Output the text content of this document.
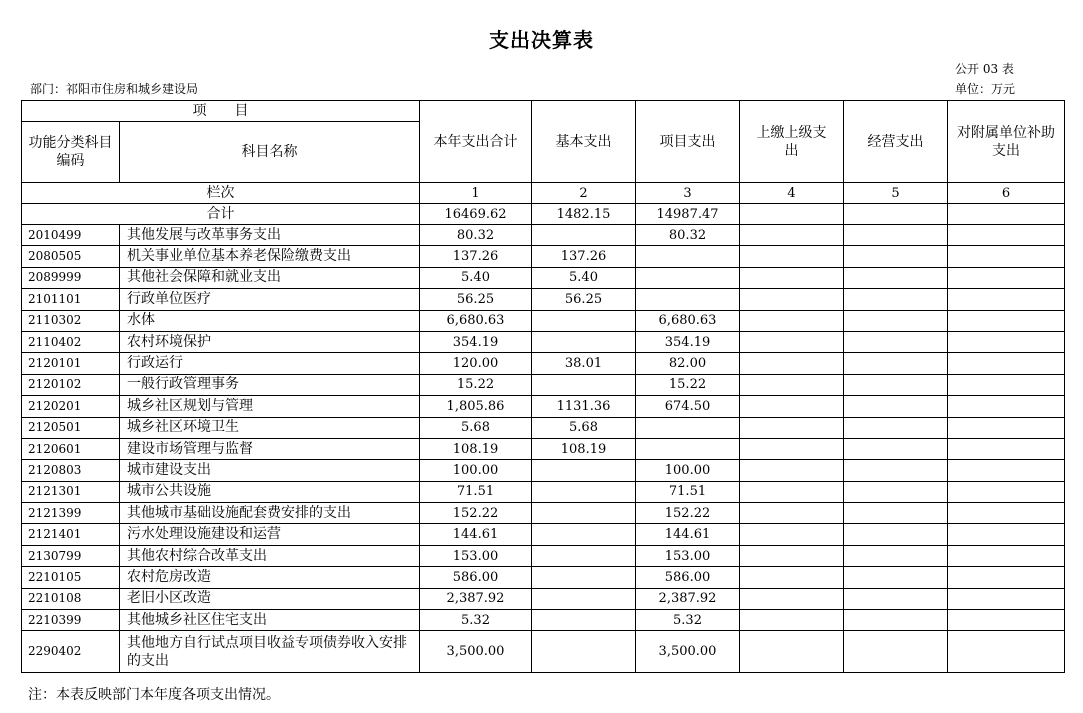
支出决算表
公开 03 表
部门：祁阳市住房和城乡建设局	单位：万元
项　　目		本年支出合计	基本支出	项目支出	上缴上级支出	经营支出	对附属单位补助支出
功能分类科目编码	科目名称						
栏次		1	2	3	4	5	6
合计		16469.62	1482.15	14987.47			
2010499	其他发展与改革事务支出	80.32		80.32			
2080505	机关事业单位基本养老保险缴费支出	137.26	137.26				
2089999	其他社会保障和就业支出	5.40	5.40				
2101101	行政单位医疗	56.25	56.25				
2110302	水体	6,680.63		6,680.63			
2110402	农村环境保护	354.19		354.19			
2120101	行政运行	120.00	38.01	82.00			
2120102	一般行政管理事务	15.22		15.22			
2120201	城乡社区规划与管理	1,805.86	1131.36	674.50			
2120501	城乡社区环境卫生	5.68	5.68				
2120601	建设市场管理与监督	108.19	108.19				
2120803	城市建设支出	100.00		100.00			
2121301	城市公共设施	71.51		71.51			
2121399	其他城市基础设施配套费安排的支出	152.22		152.22			
2121401	污水处理设施建设和运营	144.61		144.61			
2130799	其他农村综合改革支出	153.00		153.00			
2210105	农村危房改造	586.00		586.00			
2210108	老旧小区改造	2,387.92		2,387.92			
2210399	其他城乡社区住宅支出	5.32		5.32			
2290402	其他地方自行试点项目收益专项债券收入安排的支出	3,500.00		3,500.00			
注：本表反映部门本年度各项支出情况。
